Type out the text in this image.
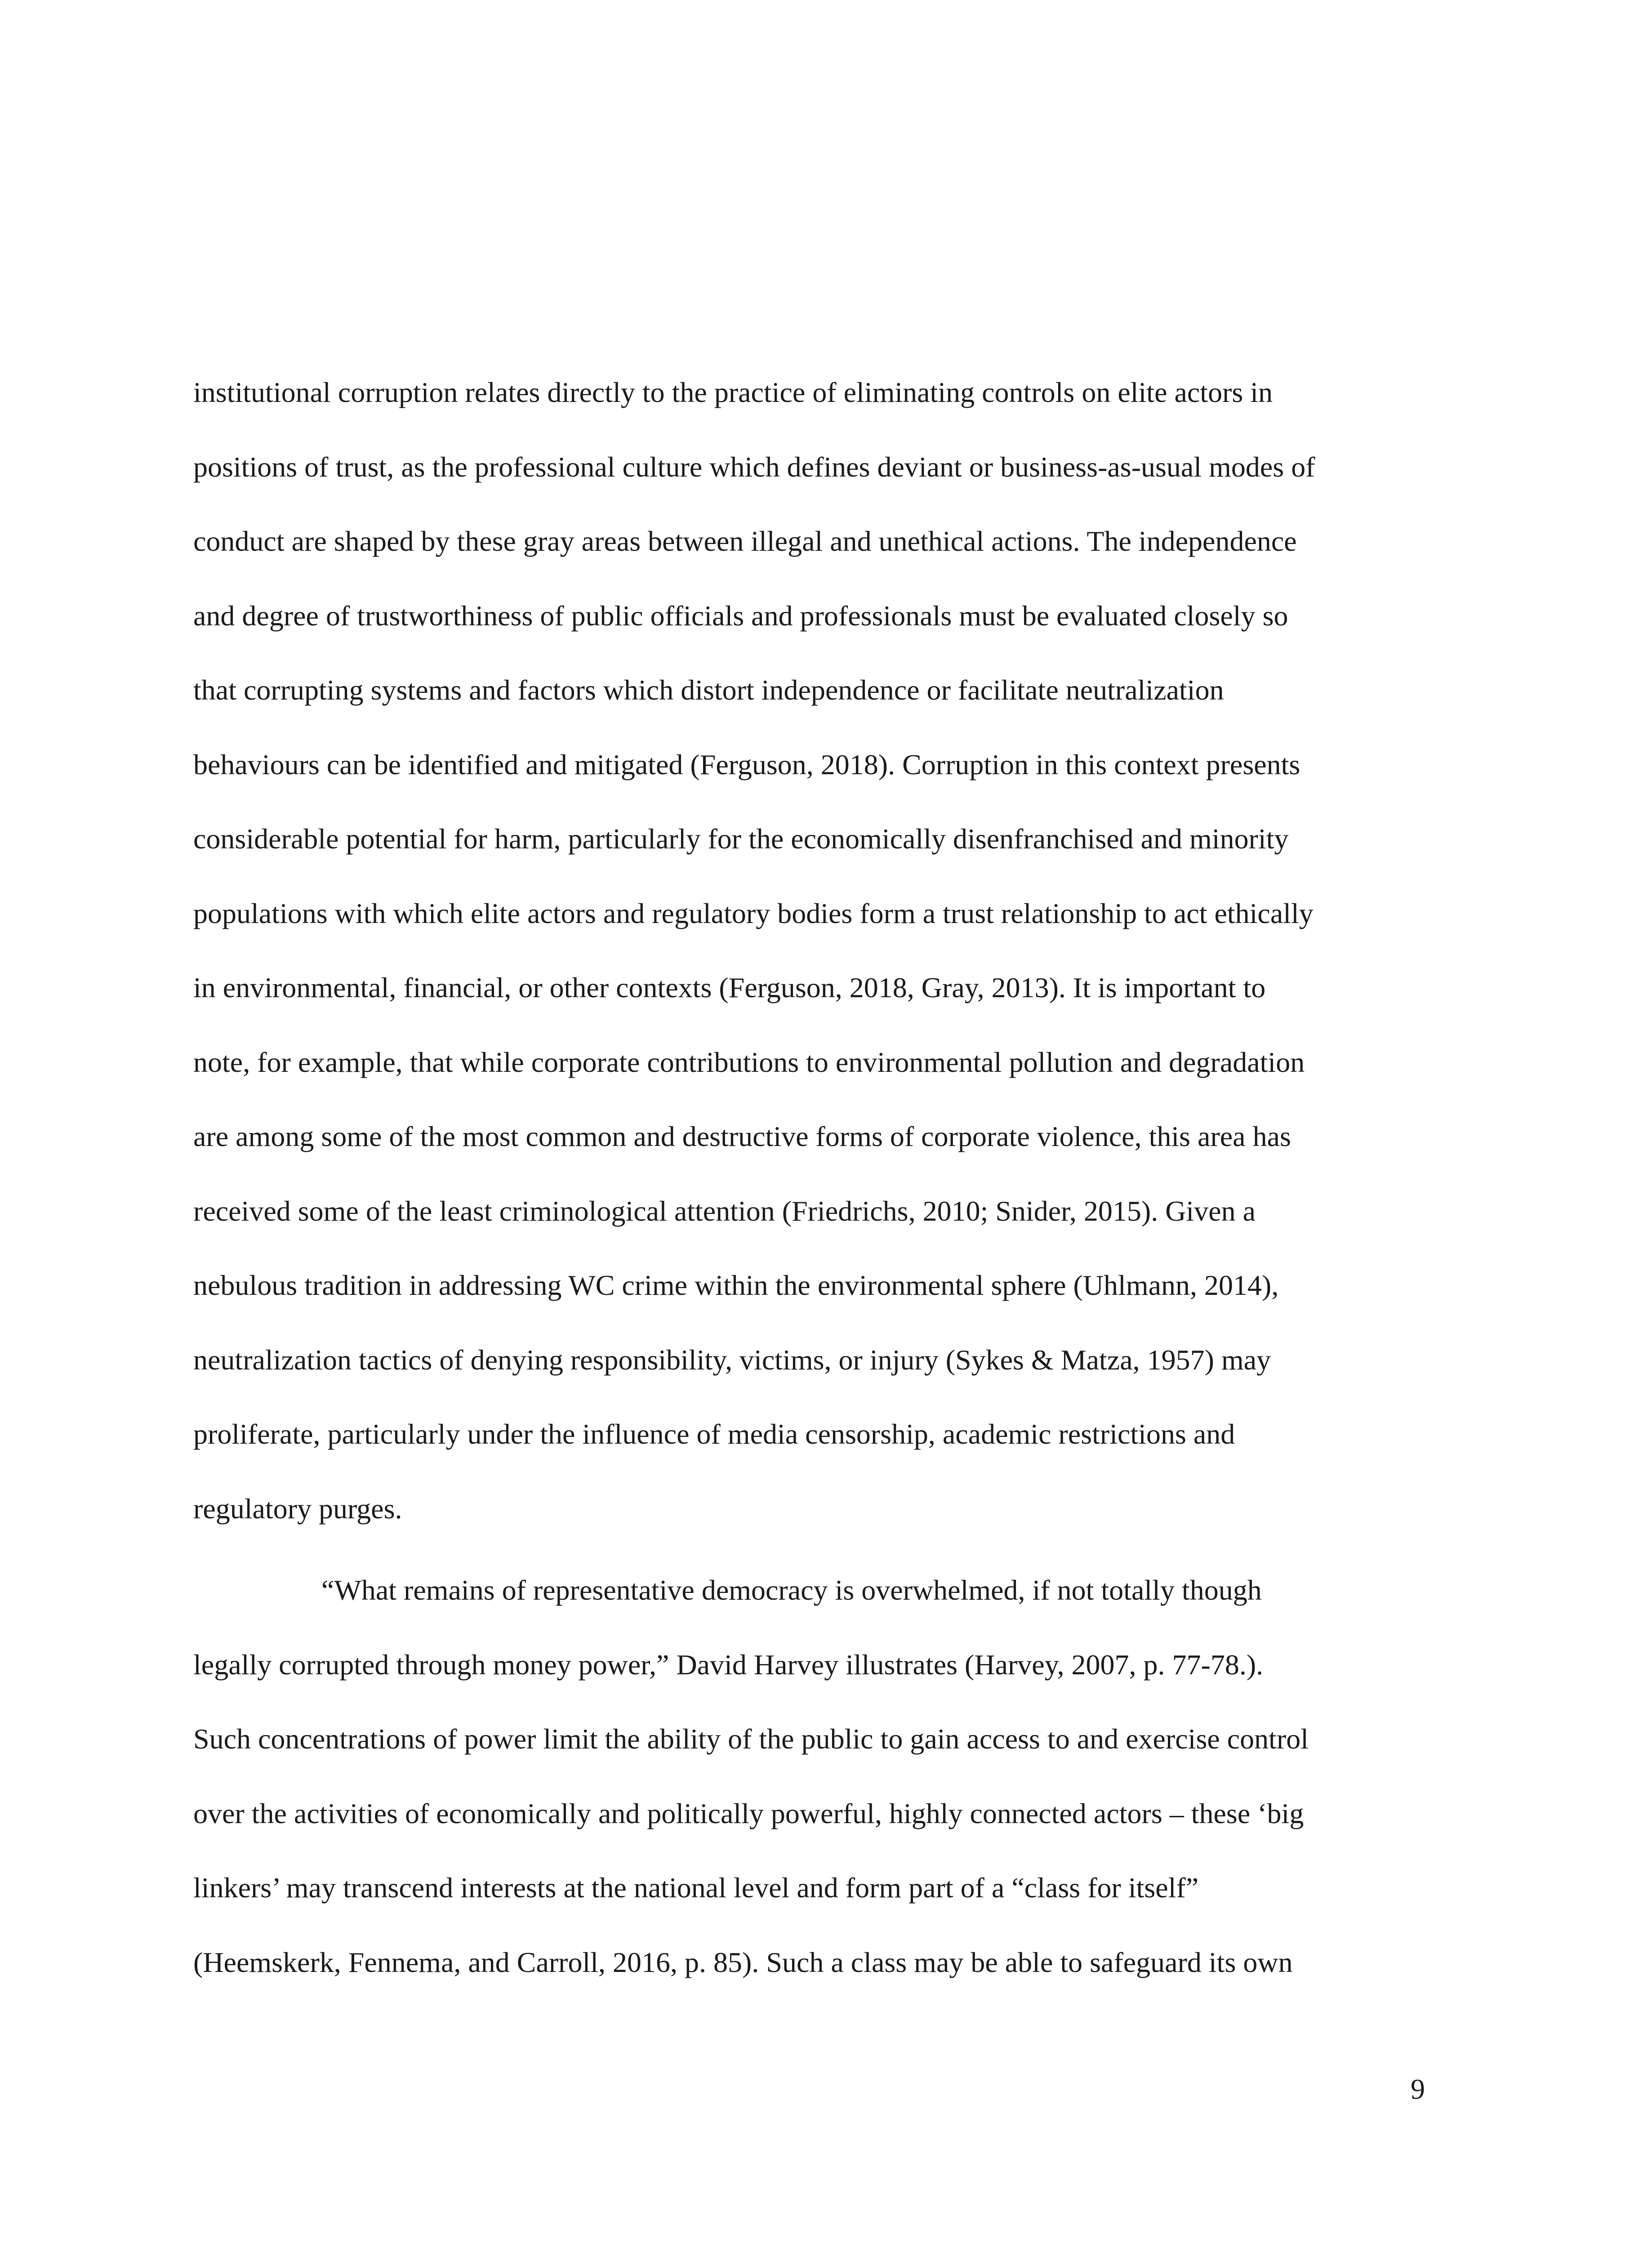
institutional corruption relates directly to the practice of eliminating controls on elite actors in
positions of trust, as the professional culture which defines deviant or business-as-usual modes of
conduct are shaped by these gray areas between illegal and unethical actions. The independence
and degree of trustworthiness of public officials and professionals must be evaluated closely so
that corrupting systems and factors which distort independence or facilitate neutralization
behaviours can be identified and mitigated (Ferguson, 2018). Corruption in this context presents
considerable potential for harm, particularly for the economically disenfranchised and minority
populations with which elite actors and regulatory bodies form a trust relationship to act ethically
in environmental, financial, or other contexts (Ferguson, 2018, Gray, 2013). It is important to
note, for example, that while corporate contributions to environmental pollution and degradation
are among some of the most common and destructive forms of corporate violence, this area has
received some of the least criminological attention (Friedrichs, 2010; Snider, 2015). Given a
nebulous tradition in addressing WC crime within the environmental sphere (Uhlmann, 2014),
neutralization tactics of denying responsibility, victims, or injury (Sykes & Matza, 1957) may
proliferate, particularly under the influence of media censorship, academic restrictions and
regulatory purges.
“What remains of representative democracy is overwhelmed, if not totally though
legally corrupted through money power,” David Harvey illustrates (Harvey, 2007, p. 77-78.).
Such concentrations of power limit the ability of the public to gain access to and exercise control
over the activities of economically and politically powerful, highly connected actors – these ‘big
linkers’ may transcend interests at the national level and form part of a “class for itself”
(Heemskerk, Fennema, and Carroll, 2016, p. 85). Such a class may be able to safeguard its own
9
